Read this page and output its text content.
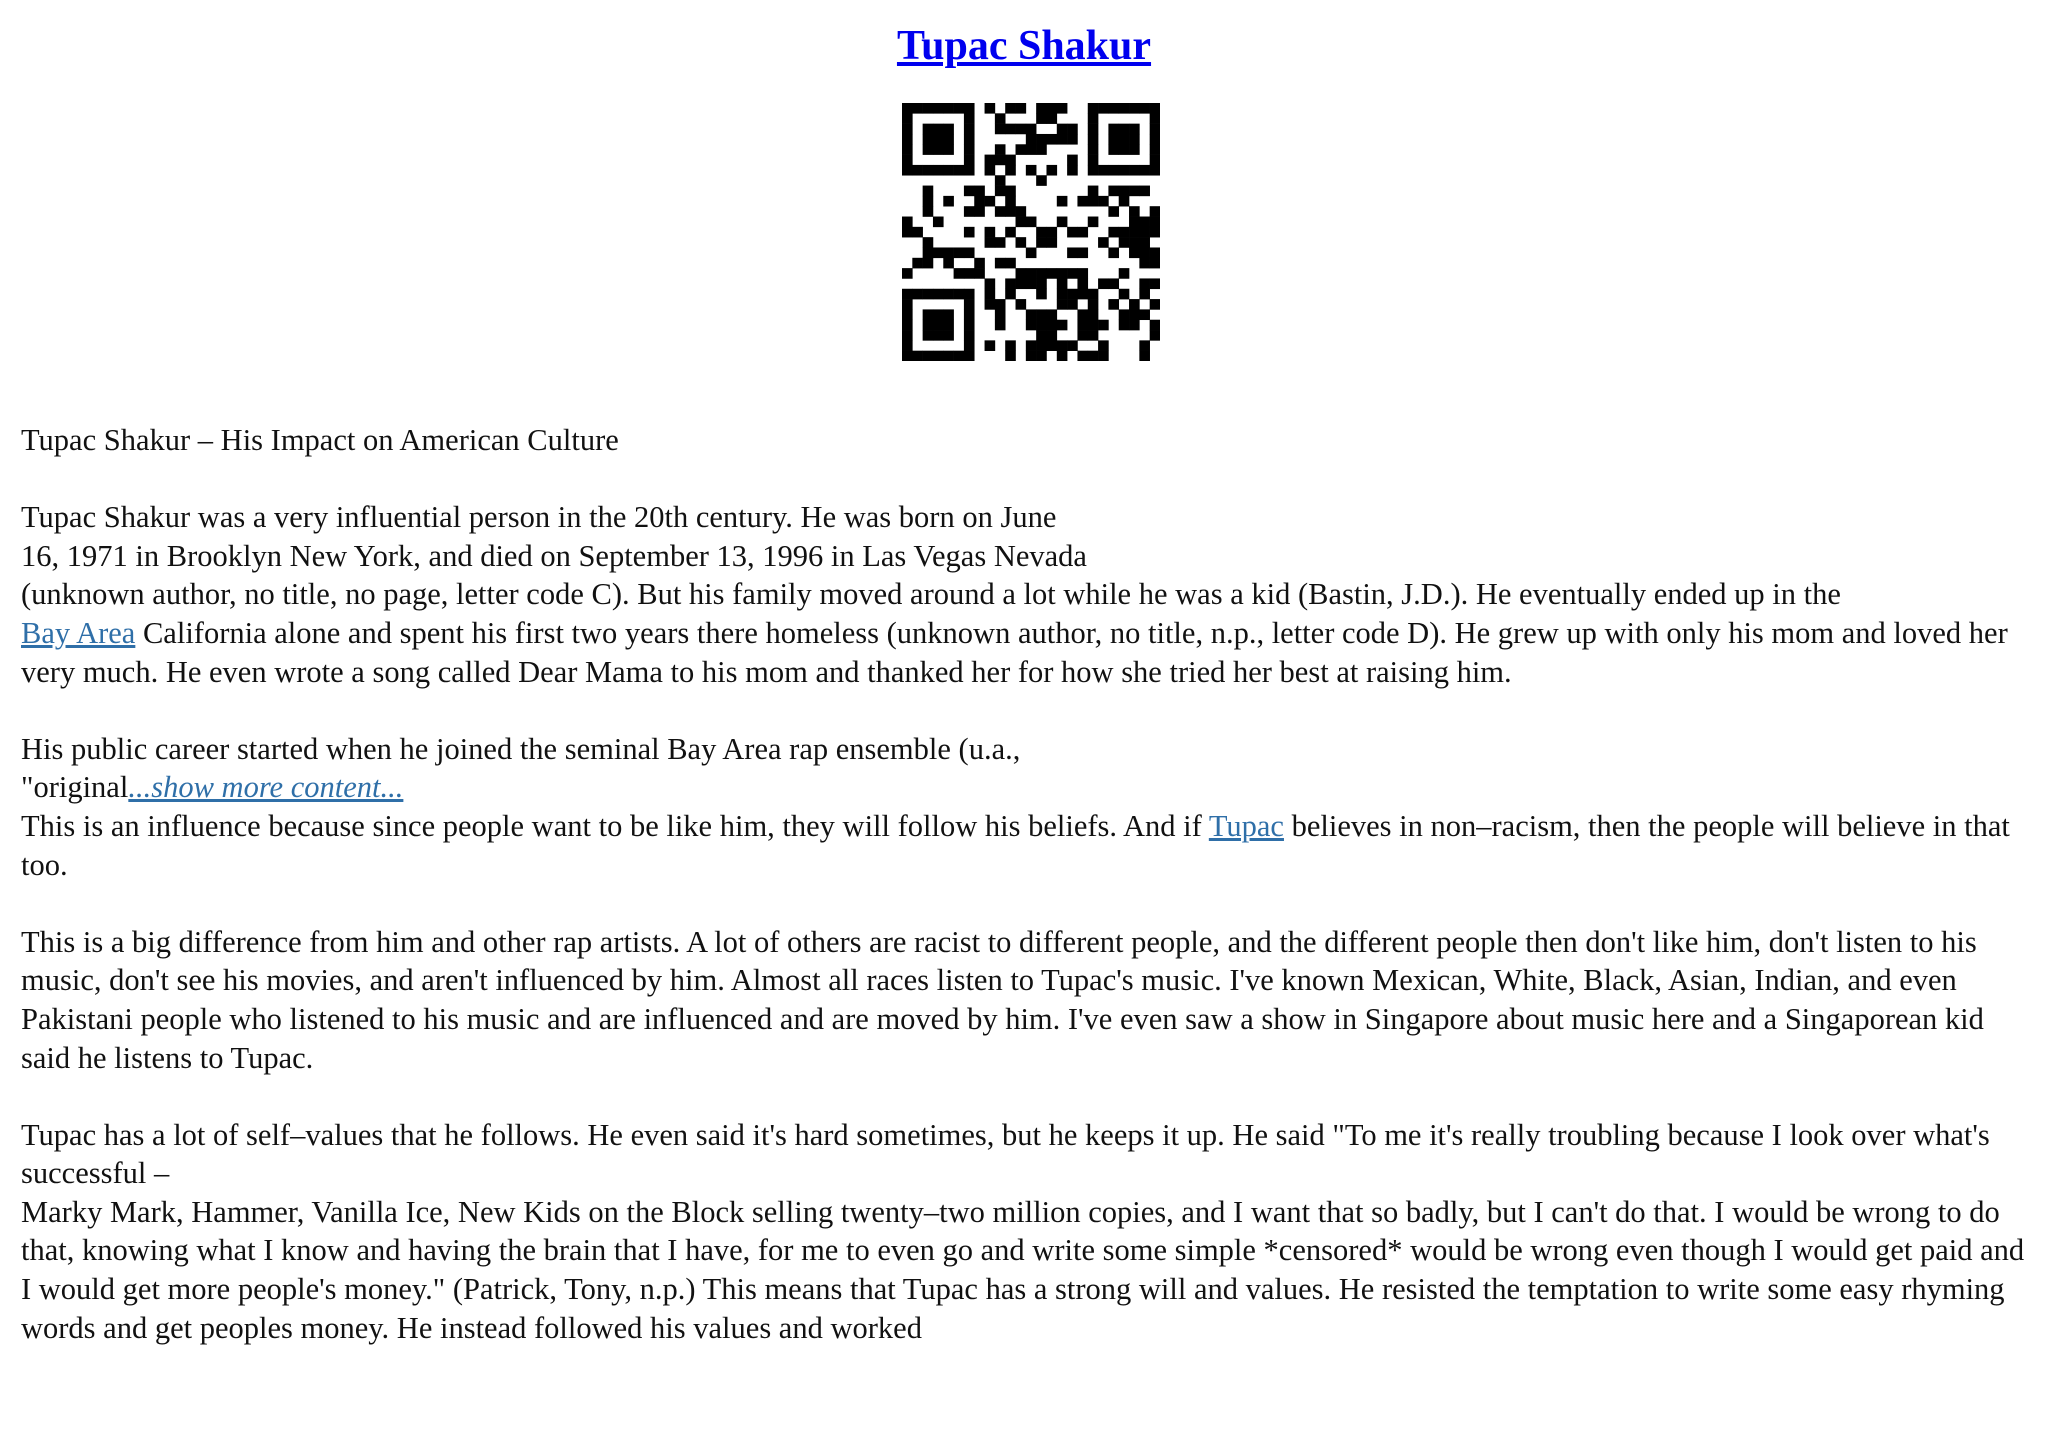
Tupac Shakur

Tupac Shakur – His Impact on American Culture

Tupac Shakur was a very influential person in the 20th century. He was born on June
16, 1971 in Brooklyn New York, and died on September 13, 1996 in Las Vegas Nevada
(unknown author, no title, no page, letter code C). But his family moved around a lot while he was a kid (Bastin, J.D.). He eventually ended up in the
Bay Area California alone and spent his first two years there homeless (unknown author, no title, n.p., letter code D). He grew up with only his mom and loved her very much. He even wrote a song called Dear Mama to his mom and thanked her for how she tried her best at raising him.

His public career started when he joined the seminal Bay Area rap ensemble (u.a.,
"original...show more content...
This is an influence because since people want to be like him, they will follow his beliefs. And if Tupac believes in non–racism, then the people will believe in that too.

This is a big difference from him and other rap artists. A lot of others are racist to different people, and the different people then don't like him, don't listen to his music, don't see his movies, and aren't influenced by him. Almost all races listen to Tupac's music. I've known Mexican, White, Black, Asian, Indian, and even Pakistani people who listened to his music and are influenced and are moved by him. I've even saw a show in Singapore about music here and a Singaporean kid said he listens to Tupac.

Tupac has a lot of self–values that he follows. He even said it's hard sometimes, but he keeps it up. He said "To me it's really troubling because I look over what's successful –
Marky Mark, Hammer, Vanilla Ice, New Kids on the Block selling twenty–two million copies, and I want that so badly, but I can't do that. I would be wrong to do that, knowing what I know and having the brain that I have, for me to even go and write some simple *censored* would be wrong even though I would get paid and I would get more people's money." (Patrick, Tony, n.p.) This means that Tupac has a strong will and values. He resisted the temptation to write some easy rhyming words and get peoples money. He instead followed his values and worked
